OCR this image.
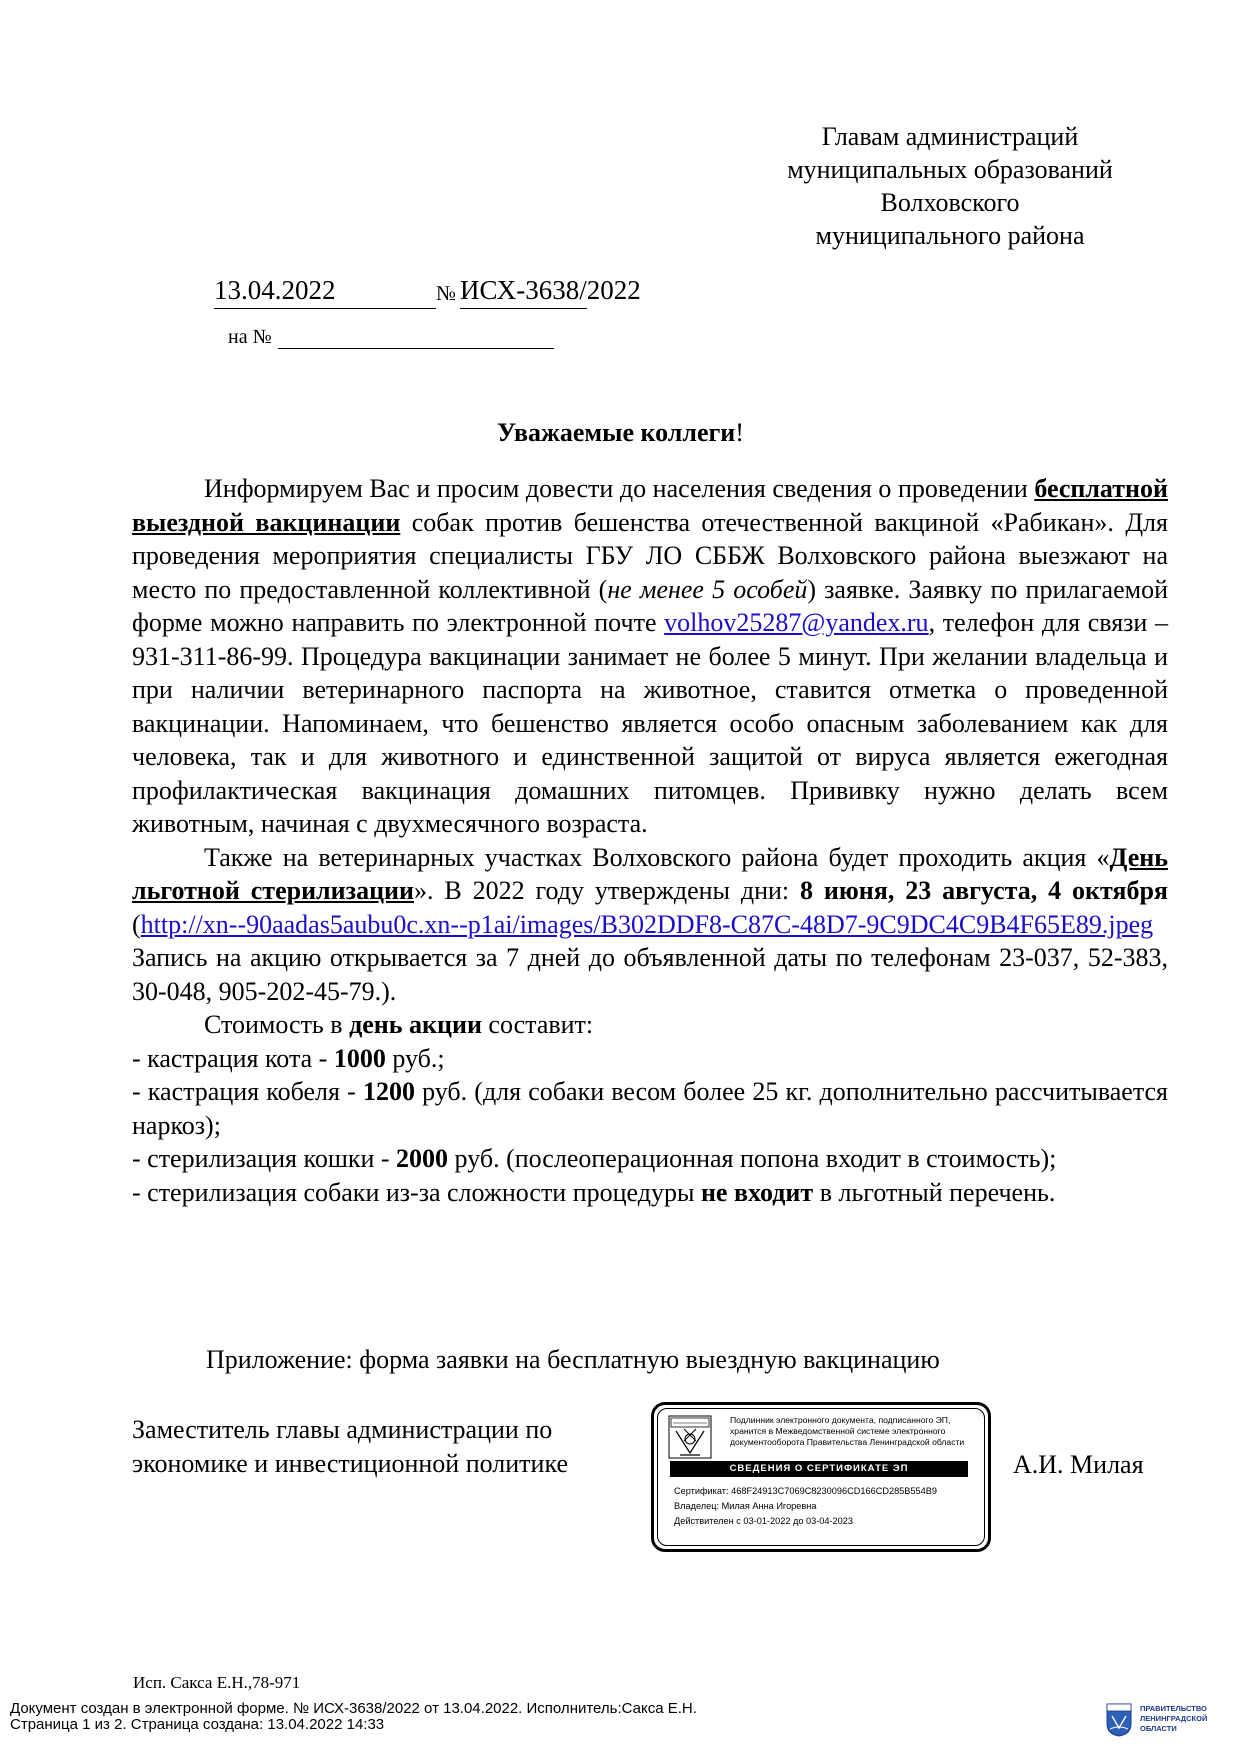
Главам администраций
муниципальных образований
Волховского
муниципального района
13.04.2022	№ ИСХ-3638/2022
на №
Уважаемые коллеги!

Информируем Вас и просим довести до населения сведения о проведении бесплатной выездной вакцинации собак против бешенства отечественной вакциной «Рабикан». Для проведения мероприятия специалисты ГБУ ЛО СББЖ Волховского района выезжают на место по предоставленной коллективной (не менее 5 особей) заявке. Заявку по прилагаемой форме можно направить по электронной почте volhov25287@yandex.ru, телефон для связи – 931-311-86-99. Процедура вакцинации занимает не более 5 минут. При желании владельца и при наличии ветеринарного паспорта на животное, ставится отметка о проведенной вакцинации. Напоминаем, что бешенство является особо опасным заболеванием как для человека, так и для животного и единственной защитой от вируса является ежегодная профилактическая вакцинация домашних питомцев. Прививку нужно делать всем животным, начиная с двухмесячного возраста.

Также на ветеринарных участках Волховского района будет проходить акция «День льготной стерилизации». В 2022 году утверждены дни: 8 июня, 23 августа, 4 октября (http://xn--90aadas5aubu0c.xn--p1ai/images/B302DDF8-C87C-48D7-9C9DC4C9B4F65E89.jpeg Запись на акцию открывается за 7 дней до объявленной даты по телефонам 23-037, 52-383, 30-048, 905-202-45-79.).

Стоимость в день акции составит:

- кастрация кота - 1000 руб.;

- кастрация кобеля - 1200 руб. (для собаки весом более 25 кг. дополнительно рассчитывается наркоз);

- стерилизация кошки - 2000 руб. (послеоперационная попона входит в стоимость);

- стерилизация собаки из-за сложности процедуры не входит в льготный перечень.

Приложение: форма заявки на бесплатную выездную вакцинацию
Заместитель главы администрации по
экономике и инвестиционной политике
Подлинник электронного документа, подписанного ЭП,
хранится в Межведомственной системе электронного
документооборота Правительства Ленинградской области
СВЕДЕНИЯ О СЕРТИФИКАТЕ ЭП
Сертификат: 468F24913C7069C8230096CD166CD285B554B9
Владелец: Милая Анна Игоревна
Действителен с 03-01-2022 до 03-04-2023
А.И. Милая
Исп. Сакса Е.Н.,78-971
Документ создан в электронной форме. № ИСХ-3638/2022 от 13.04.2022. Исполнитель:Сакса Е.Н.
Страница 1 из 2. Страница создана: 13.04.2022 14:33
ПРАВИТЕЛЬСТВО
ЛЕНИНГРАДСКОЙ
ОБЛАСТИ
